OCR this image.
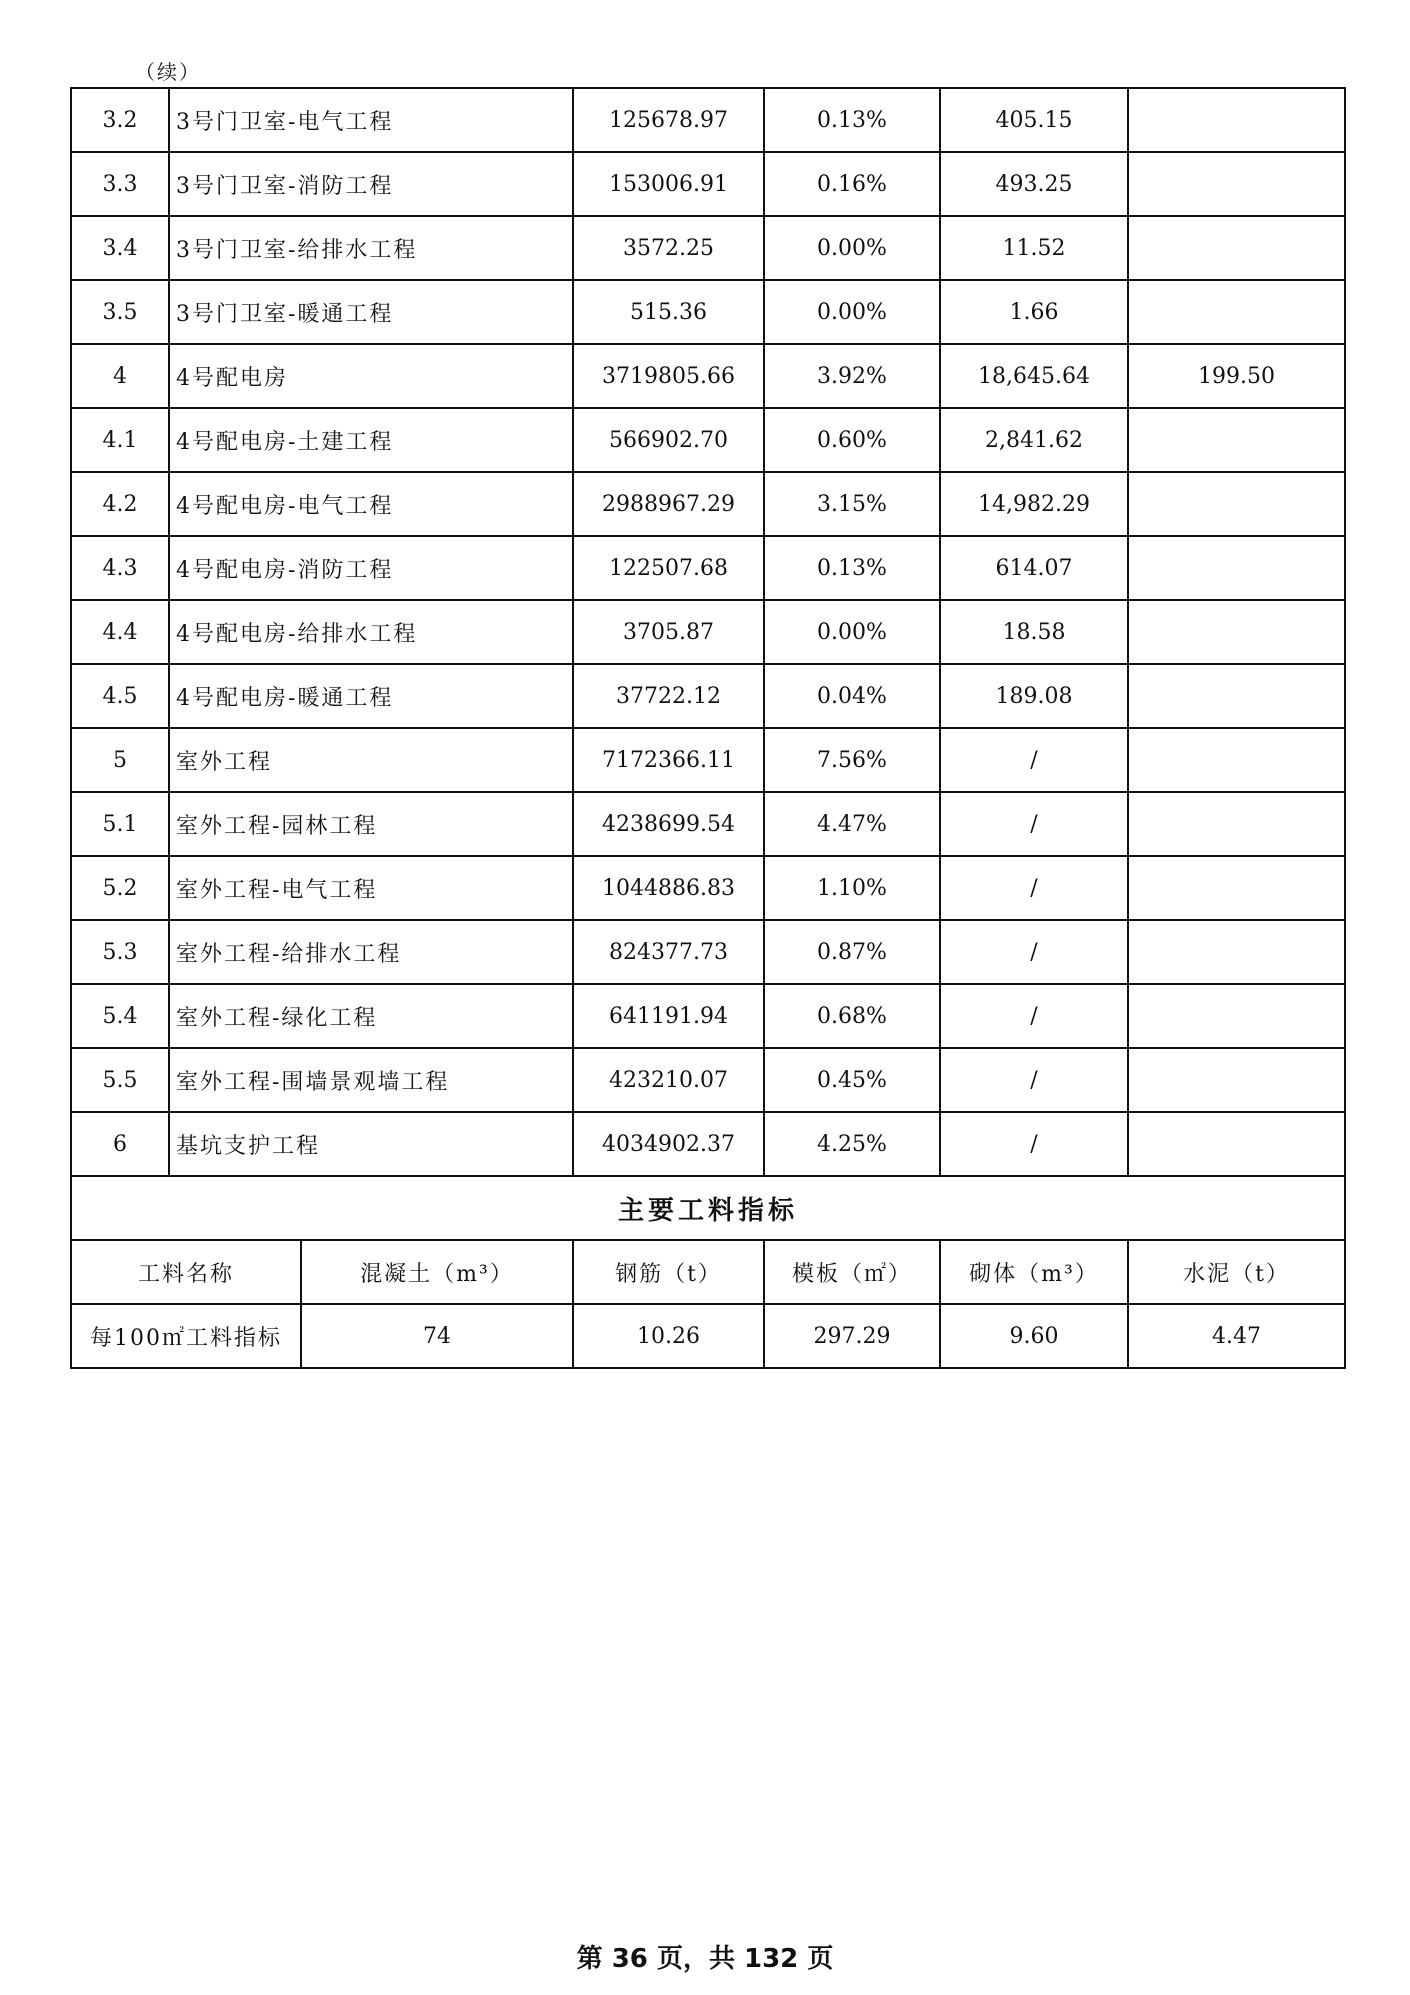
（续）
3.2	3号门卫室-电气工程		125678.97	0.13%	405.15	
3.3	3号门卫室-消防工程		153006.91	0.16%	493.25	
3.4	3号门卫室-给排水工程		3572.25	0.00%	11.52	
3.5	3号门卫室-暖通工程		515.36	0.00%	1.66	
4	4号配电房		3719805.66	3.92%	18,645.64	199.50
4.1	4号配电房-土建工程		566902.70	0.60%	2,841.62	
4.2	4号配电房-电气工程		2988967.29	3.15%	14,982.29	
4.3	4号配电房-消防工程		122507.68	0.13%	614.07	
4.4	4号配电房-给排水工程		3705.87	0.00%	18.58	
4.5	4号配电房-暖通工程		37722.12	0.04%	189.08	
5	室外工程		7172366.11	7.56%	/	
5.1	室外工程-园林工程		4238699.54	4.47%	/	
5.2	室外工程-电气工程		1044886.83	1.10%	/	
5.3	室外工程-给排水工程		824377.73	0.87%	/	
5.4	室外工程-绿化工程		641191.94	0.68%	/	
5.5	室外工程-围墙景观墙工程		423210.07	0.45%	/	
6	基坑支护工程		4034902.37	4.25%	/	
主要工料指标						
工料名称		混凝土（m³）	钢筋（t）	模板（㎡）	砌体（m³）	水泥（t）
每100㎡工料指标		74	10.26	297.29	9.60	4.47
第 36 页，共 132 页
